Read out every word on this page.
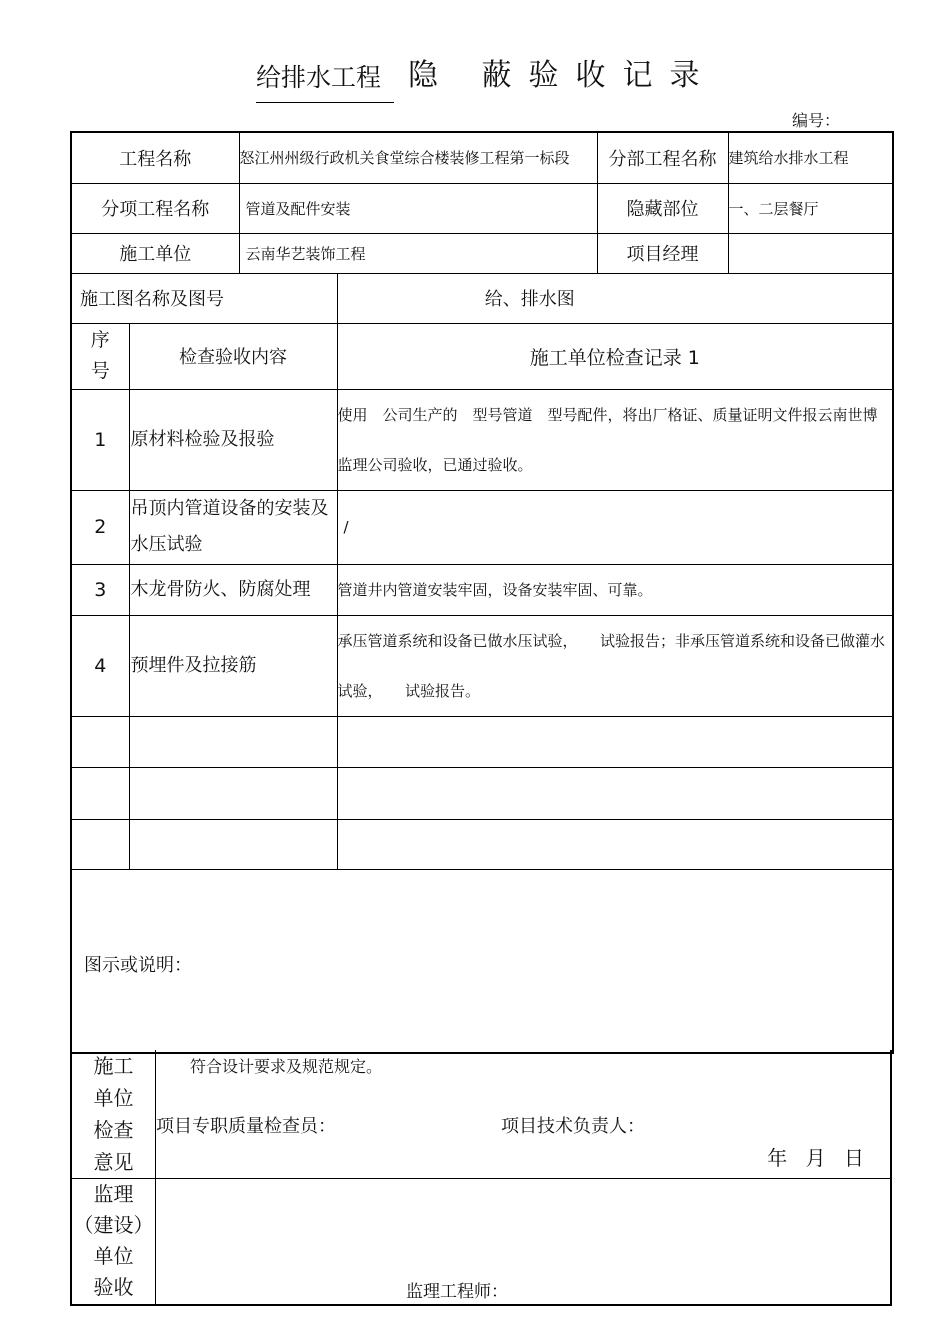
给排水工程 隐 蔽验收记录
编号：
工程名称		怒江州州级行政机关食堂综合楼装修工程第一标段		分部工程名称	建筑给水排水工程
分项工程名称		管道及配件安装		隐藏部位	一、二层餐厅
施工单位		云南华艺装饰工程		项目经理	
施工图名称及图号			给、排水图		
序
号	检查验收内容		施工单位检查记录 1		
1	原材料检验及报验		使用　公司生产的　型号管道　型号配件，将出厂格证、质量证明文件报云南世博监理公司验收，已通过验收。		
2	吊顶内管道设备的安装及水压试验		/		
3	木龙骨防火、防腐处理		管道井内管道安装牢固，设备安装牢固、可靠。		
4	预埋件及拉接筋		承压管道系统和设备已做水压试验，　　试验报告；非承压管道系统和设备已做灌水试验，　　试验报告。		

图示或说明：					

施工
单位
检查
意见
符合设计要求及规范规定。
项目专职质量检查员：	项目技术负责人：
年 月 日
监理
（建设）
单位
验收	监理工程师：
